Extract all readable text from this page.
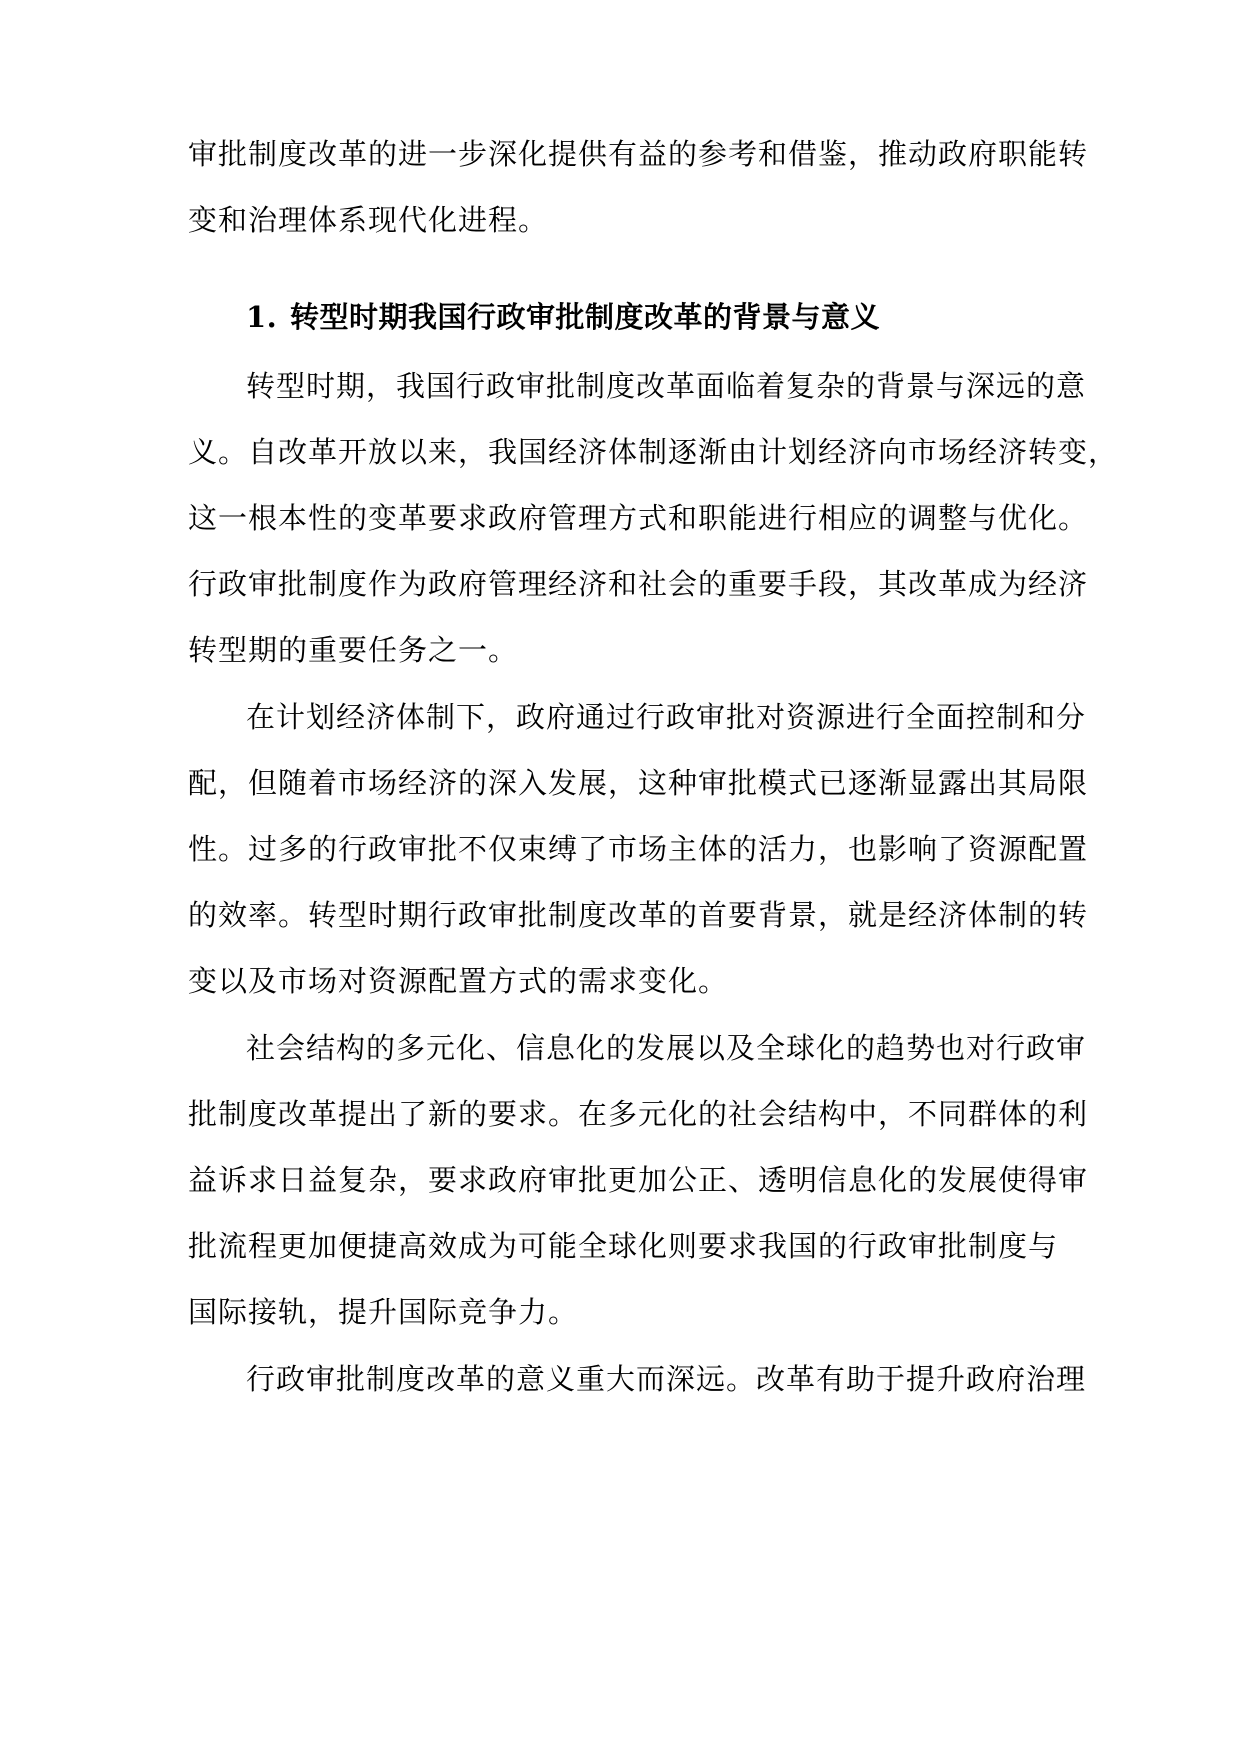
审批制度改革的进一步深化提供有益的参考和借鉴，推动政府职能转
变和治理体系现代化进程。
1. 转型时期我国行政审批制度改革的背景与意义
转型时期，我国行政审批制度改革面临着复杂的背景与深远的意
义。自改革开放以来，我国经济体制逐渐由计划经济向市场经济转变，
这一根本性的变革要求政府管理方式和职能进行相应的调整与优化。
行政审批制度作为政府管理经济和社会的重要手段，其改革成为经济
转型期的重要任务之一。
在计划经济体制下，政府通过行政审批对资源进行全面控制和分
配，但随着市场经济的深入发展，这种审批模式已逐渐显露出其局限
性。过多的行政审批不仅束缚了市场主体的活力，也影响了资源配置
的效率。转型时期行政审批制度改革的首要背景，就是经济体制的转
变以及市场对资源配置方式的需求变化。
社会结构的多元化、信息化的发展以及全球化的趋势也对行政审
批制度改革提出了新的要求。在多元化的社会结构中，不同群体的利
益诉求日益复杂，要求政府审批更加公正、透明信息化的发展使得审
批流程更加便捷高效成为可能全球化则要求我国的行政审批制度与
国际接轨，提升国际竞争力。
行政审批制度改革的意义重大而深远。改革有助于提升政府治理
